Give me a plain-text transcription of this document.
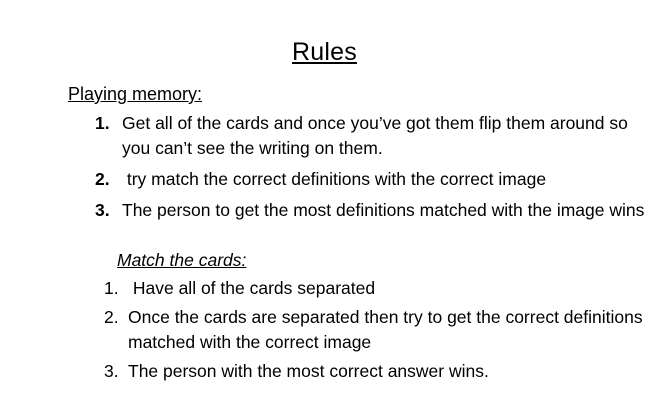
Rules
Playing memory:
1. Get all of the cards and once you’ve got them flip them around so you can’t see the writing on them.
2. try match the correct definitions with the correct image
3. The person to get the most definitions matched with the image wins
Match the cards:
1. Have all of the cards separated
2. Once the cards are separated then try to get the correct definitions matched with the correct image
3. The person with the most correct answer wins.
